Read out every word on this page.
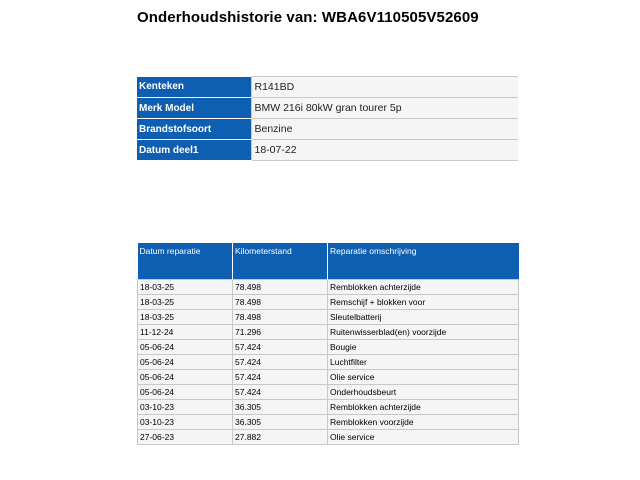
Onderhoudshistorie van: WBA6V110505V52609
Kenteken	R141BD
Merk Model	BMW 216i 80kW gran tourer 5p
Brandstofsoort	Benzine
Datum deel1	18-07-22
Datum reparatie	Kilometerstand	Reparatie omschrijving
18-03-25	78.498	Remblokken achterzijde
18-03-25	78.498	Remschijf + blokken voor
18-03-25	78.498	Sleutelbatterij
11-12-24	71.296	Ruitenwisserblad(en) voorzijde
05-06-24	57.424	Bougie
05-06-24	57.424	Luchtfilter
05-06-24	57.424	Olie service
05-06-24	57.424	Onderhoudsbeurt
03-10-23	36.305	Remblokken achterzijde
03-10-23	36.305	Remblokken voorzijde
27-06-23	27.882	Olie service
